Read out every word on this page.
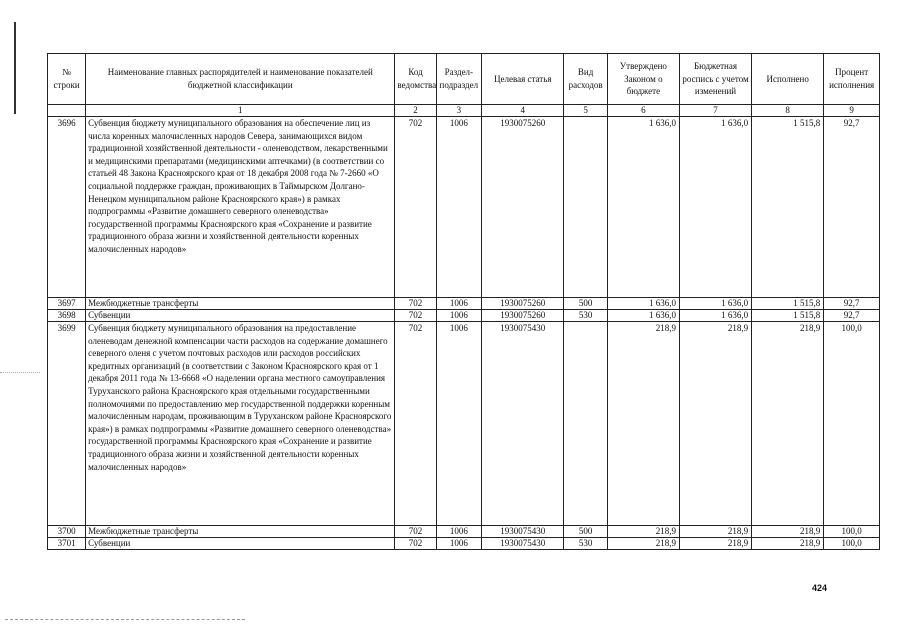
№ строки	Наименование главных распорядителей и наименование показателей бюджетной классификации	Код ведомства	Раздел-подраздел	Целевая статья	Вид расходов	Утверждено Законом о бюджете	Бюджетная роспись с учетом изменений	Исполнено	Процент исполнения
	1	2	3	4	5	6	7	8	9
3696	Субвенция бюджету муниципального образования на обеспечение лиц из числа коренных малочисленных народов Севера, занимающихся видом традиционной хозяйственной деятельности - оленеводством, лекарственными и медицинскими препаратами (медицинскими аптечками) (в соответствии со статьей 48 Закона Красноярского края от 18 декабря 2008 года № 7-2660 «О социальной поддержке граждан, проживающих в Таймырском Долгано-Ненецком муниципальном районе Красноярского края») в рамках подпрограммы «Развитие домашнего северного оленеводства» государственной программы Красноярского края «Сохранение и развитие традиционного образа жизни и хозяйственной деятельности коренных малочисленных народов»	702	1006	1930075260		1 636,0	1 636,0	1 515,8	92,7
3697	Межбюджетные трансферты	702	1006	1930075260	500	1 636,0	1 636,0	1 515,8	92,7
3698	Субвенции	702	1006	1930075260	530	1 636,0	1 636,0	1 515,8	92,7
3699	Субвенция бюджету муниципального образования на предоставление оленеводам денежной компенсации части расходов на содержание домашнего северного оленя с учетом почтовых расходов или расходов российских кредитных организаций (в соответствии с Законом Красноярского края от 1 декабря 2011 года № 13-6668 «О наделении органа местного самоуправления Туруханского района Красноярского края отдельными государственными полномочиями по предоставлению мер государственной поддержки коренным малочисленным народам, проживающим в Туруханском районе Красноярского края») в рамках подпрограммы «Развитие домашнего северного оленеводства» государственной программы Красноярского края «Сохранение и развитие традиционного образа жизни и хозяйственной деятельности коренных малочисленных народов»	702	1006	1930075430		218,9	218,9	218,9	100,0
3700	Межбюджетные трансферты	702	1006	1930075430	500	218,9	218,9	218,9	100,0
3701	Субвенции	702	1006	1930075430	530	218,9	218,9	218,9	100,0
424
